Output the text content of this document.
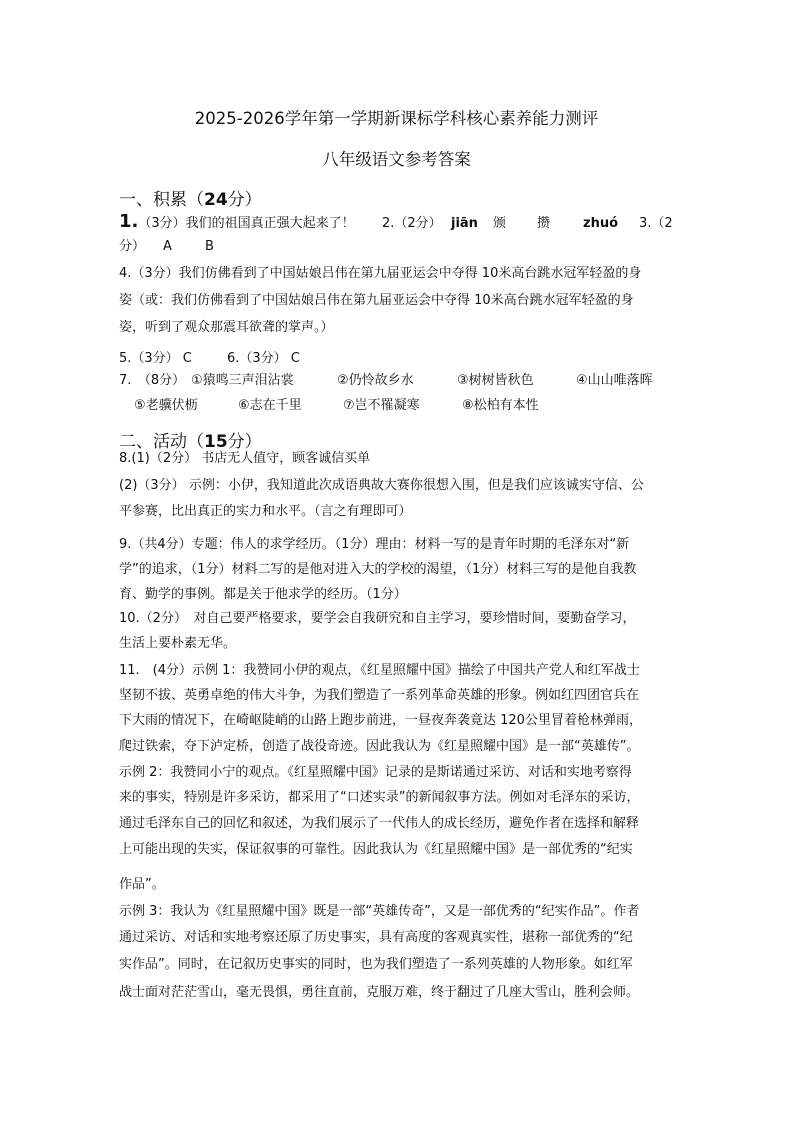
2025-2026学年第一学期新课标学科核心素养能力测评
八年级语文参考答案
一、积累（24分）
1.（3分）我们的祖国真正强大起来了！ 2.（2分） jiān 颁 攒	zhuó 3.（2
分） A	B
4.（3分）我们仿佛看到了中国姑娘吕伟在第九届亚运会中夺得 10米高台跳水冠军轻盈的身
姿（或：我们仿佛看到了中国姑娘吕伟在第九届亚运会中夺得 10米高台跳水冠军轻盈的身
姿，听到了观众那震耳欲聋的掌声。）
5.（3分） C	6.（3分） C
7.　（8分） ①猿鸣三声泪沾裳	②仍怜故乡水	③树树皆秋色	④山山唯落晖
⑤老骥伏枥	⑥志在千里	⑦岂不罹凝寒	⑧松柏有本性
二、活动（15分）
8.(1)（2分） 书店无人值守，顾客诚信买单
(2)（3分） 示例：小伊，我知道此次成语典故大赛你很想入围，但是我们应该诚实守信、公
平参赛，比出真正的实力和水平。（言之有理即可）
9.（共4分）专题：伟人的求学经历。（1分）理由：材料一写的是青年时期的毛泽东对“新
学”的追求，（1分）材料二写的是他对进入大的学校的渴望，（1分）材料三写的是他自我教
育、勤学的事例。都是关于他求学的经历。（1分）
10.（2分）　对自己要严格要求，要学会自我研究和自主学习，要珍惜时间，要勤奋学习，
生活上要朴素无华。
11.　(4分）示例 1：我赞同小伊的观点，《红星照耀中国》描绘了中国共产党人和红军战士
坚韧不拔、英勇卓绝的伟大斗争，为我们塑造了一系列革命英雄的形象。例如红四团官兵在
下大雨的情况下，在崎岖陡峭的山路上跑步前进，一昼夜奔袭竟达 120公里冒着枪林弹雨，
爬过铁索，夺下泸定桥，创造了战役奇迹。因此我认为《红星照耀中国》是一部“英雄传”。
示例 2：我赞同小宁的观点。《红星照耀中国》记录的是斯诺通过采访、对话和实地考察得
来的事实，特别是许多采访，都采用了“口述实录”的新闻叙事方法。例如对毛泽东的采访，
通过毛泽东自己的回忆和叙述，为我们展示了一代伟人的成长经历，避免作者在选择和解释
上可能出现的失实，保证叙事的可靠性。因此我认为《红星照耀中国》是一部优秀的“纪实
作品”。
示例 3：我认为《红星照耀中国》既是一部“英雄传奇”，又是一部优秀的“纪实作品”。作者
通过采访、对话和实地考察还原了历史事实，具有高度的客观真实性，堪称一部优秀的“纪
实作品”。同时，在记叙历史事实的同时，也为我们塑造了一系列英雄的人物形象。如红军
战士面对茫茫雪山，毫无畏惧，勇往直前，克服万难，终于翻过了几座大雪山，胜利会师。
